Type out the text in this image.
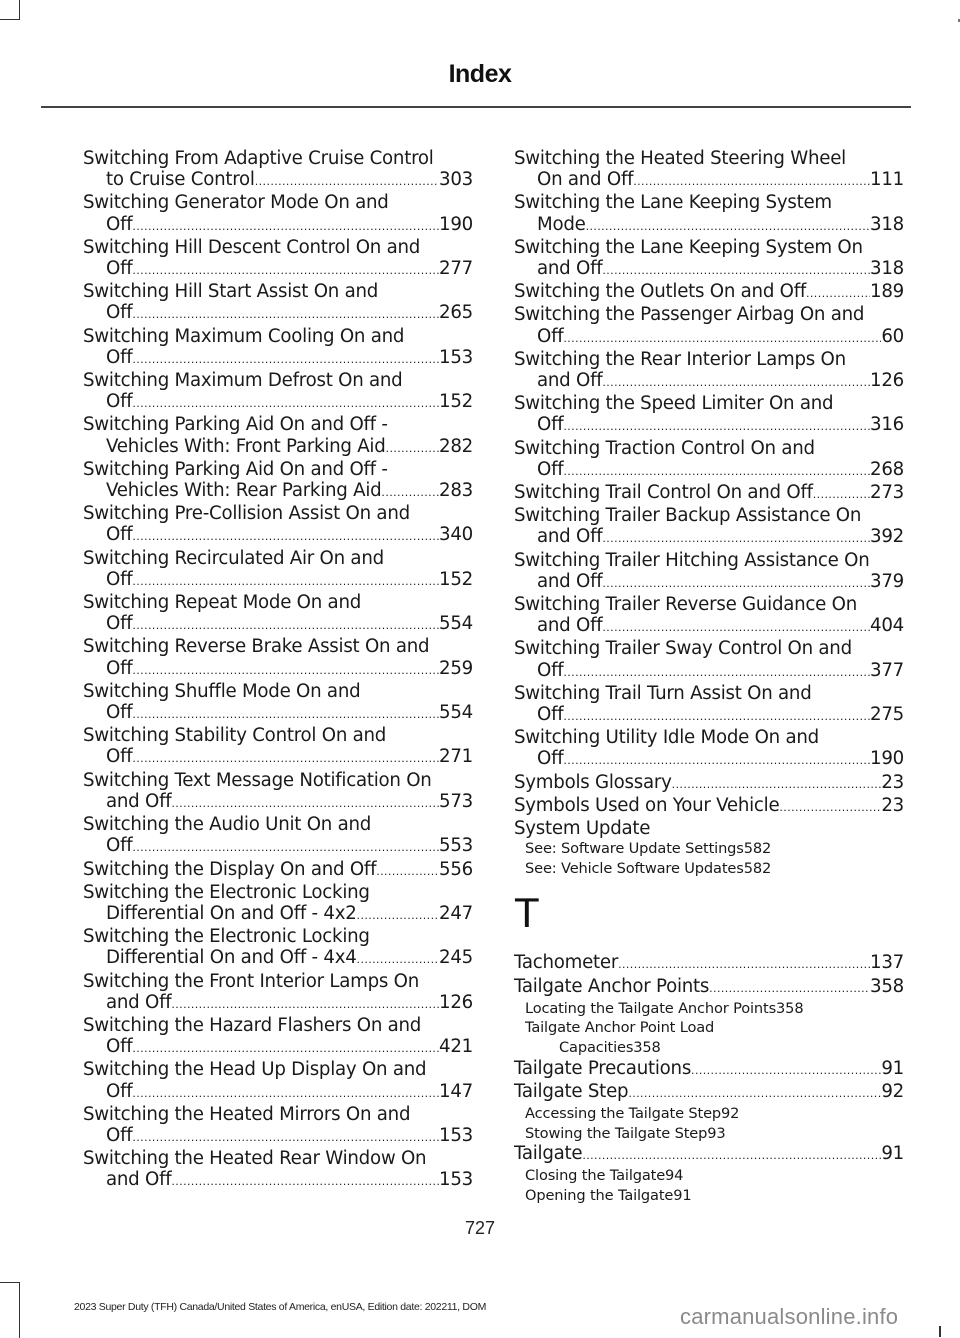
Index
Switching From Adaptive Cruise Control
to Cruise Control .....	303
Switching Generator Mode On and
Off .....	190
Switching Hill Descent Control On and
Off .....	277
Switching Hill Start Assist On and
Off .....	265
Switching Maximum Cooling On and
Off .....	153
Switching Maximum Defrost On and
Off .....	152
Switching Parking Aid On and Off -
Vehicles With: Front Parking Aid .....	282
Switching Parking Aid On and Off -
Vehicles With: Rear Parking Aid .....	283
Switching Pre-Collision Assist On and
Off .....	340
Switching Recirculated Air On and
Off .....	152
Switching Repeat Mode On and
Off .....	554
Switching Reverse Brake Assist On and
Off .....	259
Switching Shuffle Mode On and
Off .....	554
Switching Stability Control On and
Off .....	271
Switching Text Message Notification On
and Off .....	573
Switching the Audio Unit On and
Off .....	553
Switching the Display On and Off .....	556
Switching the Electronic Locking
Differential On and Off - 4x2 .....	247
Switching the Electronic Locking
Differential On and Off - 4x4 .....	245
Switching the Front Interior Lamps On
and Off .....	126
Switching the Hazard Flashers On and
Off .....	421
Switching the Head Up Display On and
Off .....	147
Switching the Heated Mirrors On and
Off .....	153
Switching the Heated Rear Window On
and Off .....	153
Switching the Heated Steering Wheel
On and Off .....	111
Switching the Lane Keeping System
Mode .....	318
Switching the Lane Keeping System On
and Off .....	318
Switching the Outlets On and Off .....	189
Switching the Passenger Airbag On and
Off .....	60
Switching the Rear Interior Lamps On
and Off .....	126
Switching the Speed Limiter On and
Off .....	316
Switching Traction Control On and
Off .....	268
Switching Trail Control On and Off .....	273
Switching Trailer Backup Assistance On
and Off .....	392
Switching Trailer Hitching Assistance On
and Off .....	379
Switching Trailer Reverse Guidance On
and Off .....	404
Switching Trailer Sway Control On and
Off .....	377
Switching Trail Turn Assist On and
Off .....	275
Switching Utility Idle Mode On and
Off .....	190
Symbols Glossary .....	23
Symbols Used on Your Vehicle .....	23
System Update
See: Software Update Settings582
See: Vehicle Software Updates582
T
Tachometer .....	137
Tailgate Anchor Points .....	358
Locating the Tailgate Anchor Points358
Tailgate Anchor Point Load
Capacities358
Tailgate Precautions .....	91
Tailgate Step .....	92
Accessing the Tailgate Step92
Stowing the Tailgate Step93
Tailgate .....	91
Closing the Tailgate94
Opening the Tailgate91
727
2023 Super Duty (TFH) Canada/United States of America, enUSA, Edition date: 202211, DOM	carmanualsonline.info
